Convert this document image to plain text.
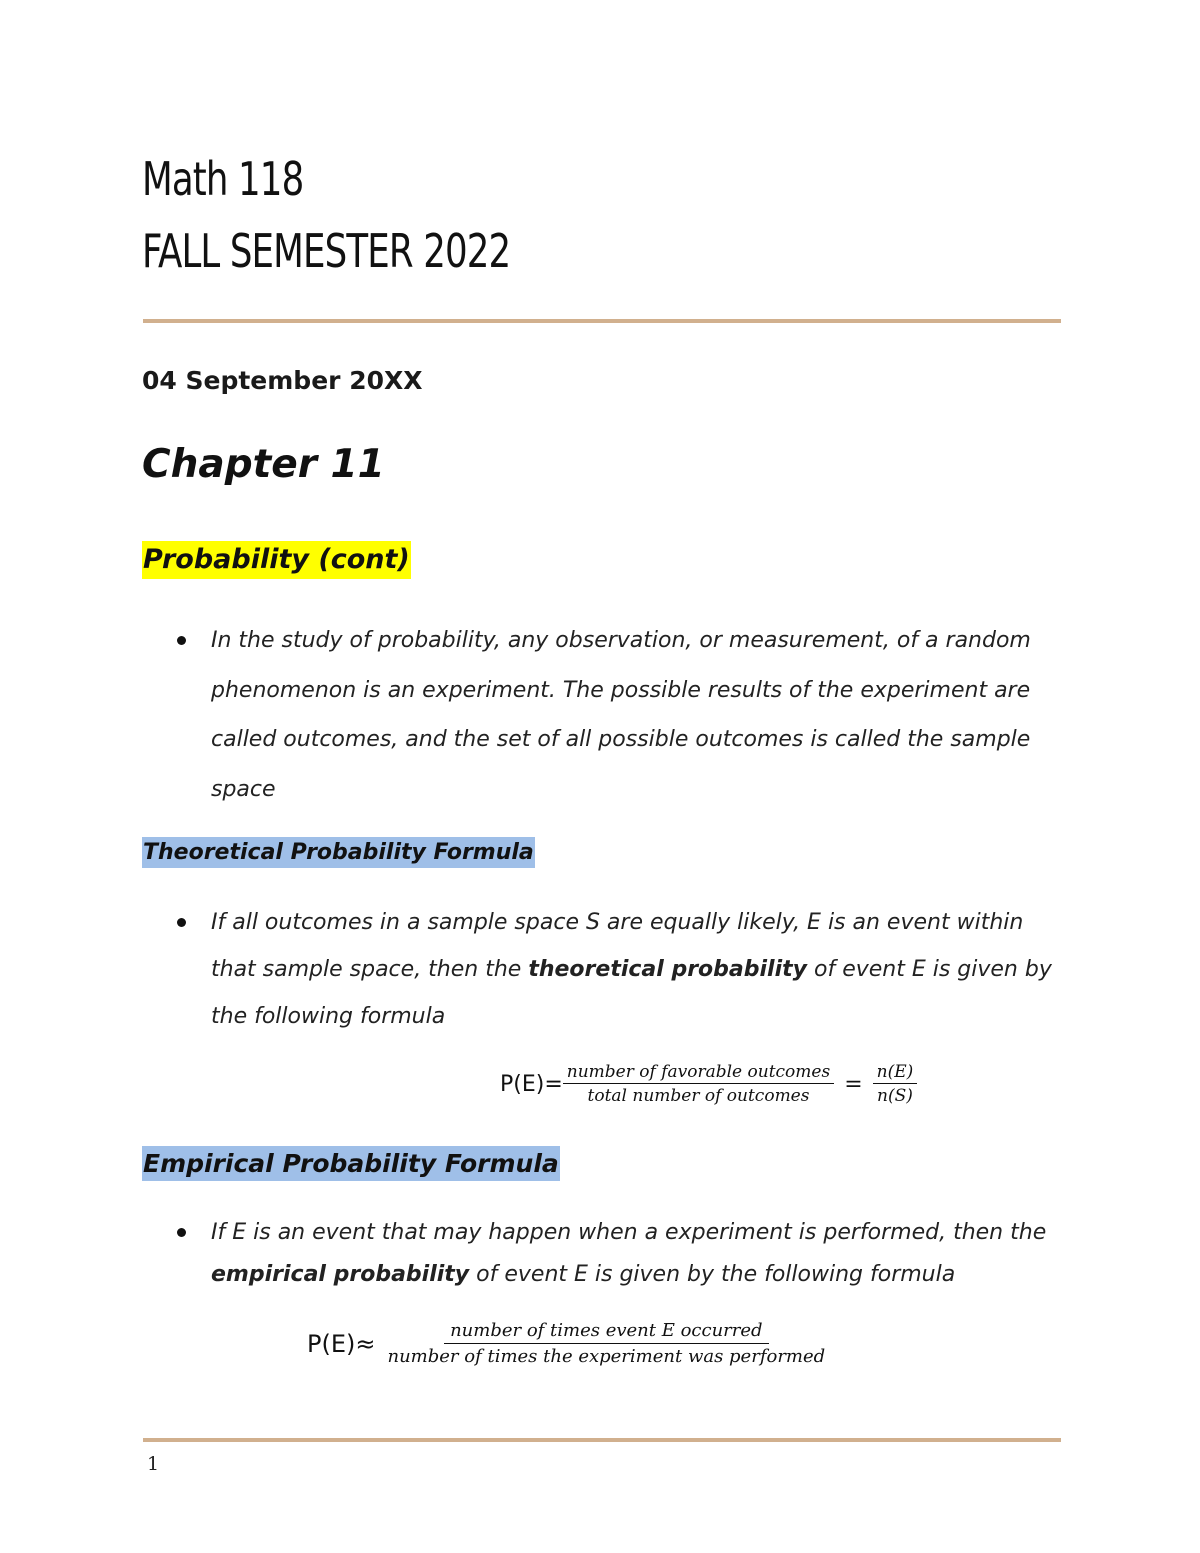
Math 118
FALL SEMESTER 2022
04 September 20XX
Chapter 11
Probability (cont)
In the study of probability, any observation, or measurement, of a random phenomenon is an experiment. The possible results of the experiment are called outcomes, and the set of all possible outcomes is called the sample space
Theoretical Probability Formula
If all outcomes in a sample space S are equally likely, E is an event within that sample space, then the theoretical probability of event E is given by the following formula
$P(E)= \frac{\text{number of favorable outcomes}}{\text{total number of outcomes}} = \frac{n(E)}{n(S)}$
Empirical Probability Formula
If E is an event that may happen when a experiment is performed, then the empirical probability of event E is given by the following formula
$P(E)\approx \frac{\text{number of times event E occurred}}{\text{number of times the experiment was performed}}$
1
